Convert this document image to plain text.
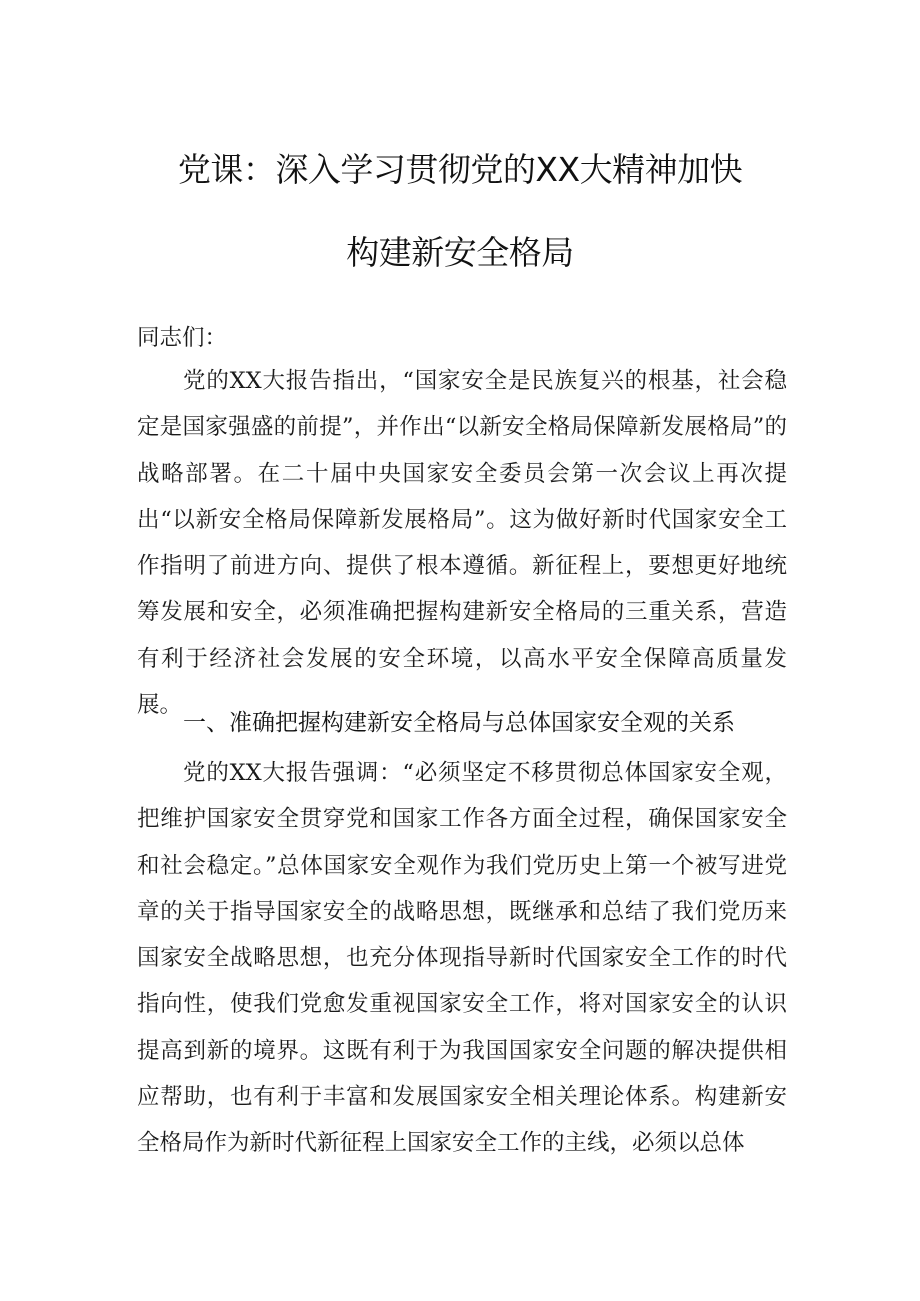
党课：深入学习贯彻党的XX大精神加快
构建新安全格局
同志们：

党的XX大报告指出，“国家安全是民族复兴的根基，社会稳定是国家强盛的前提”，并作出“以新安全格局保障新发展格局”的战略部署。在二十届中央国家安全委员会第一次会议上再次提出“以新安全格局保障新发展格局”。这为做好新时代国家安全工作指明了前进方向、提供了根本遵循。新征程上，要想更好地统筹发展和安全，必须准确把握构建新安全格局的三重关系，营造有利于经济社会发展的安全环境，以高水平安全保障高质量发展。

一、准确把握构建新安全格局与总体国家安全观的关系

党的XX大报告强调：“必须坚定不移贯彻总体国家安全观，把维护国家安全贯穿党和国家工作各方面全过程，确保国家安全和社会稳定。”总体国家安全观作为我们党历史上第一个被写进党章的关于指导国家安全的战略思想，既继承和总结了我们党历来国家安全战略思想，也充分体现指导新时代国家安全工作的时代指向性，使我们党愈发重视国家安全工作，将对国家安全的认识提高到新的境界。这既有利于为我国国家安全问题的解决提供相应帮助，也有利于丰富和发展国家安全相关理论体系。构建新安全格局作为新时代新征程上国家安全工作的主线，必须以总体
